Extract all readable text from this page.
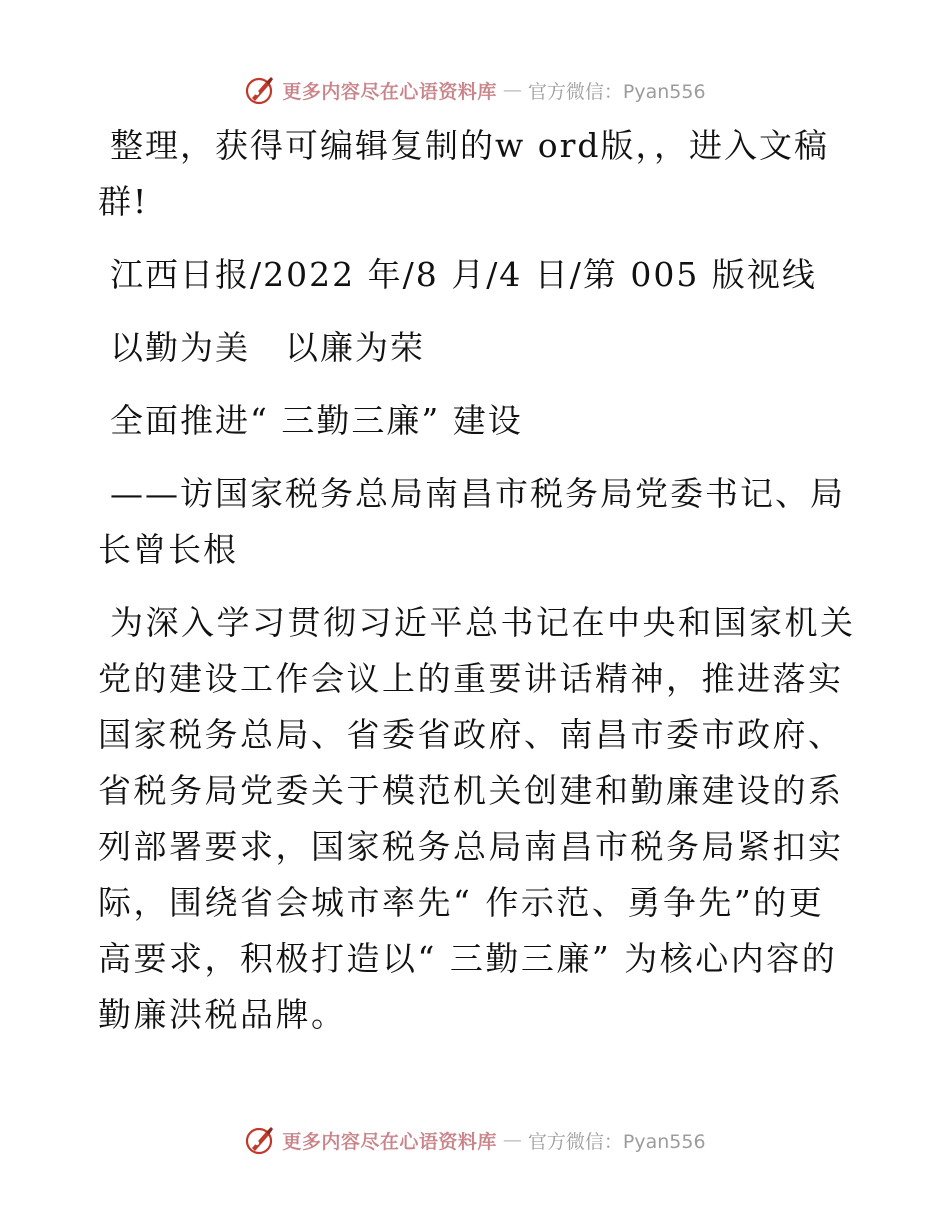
更多内容尽在心语资料库 — 官方微信：Pyan556

整理，获得可编辑复制的w ord版，，进入文稿群!

江西日报/2022 年/8 月/4 日/第 005 版视线

以勤为美　以廉为荣

全面推进“ 三勤三廉” 建设

——访国家税务总局南昌市税务局党委书记、局长曾长根

为深入学习贯彻习近平总书记在中央和国家机关党的建设工作会议上的重要讲话精神，推进落实国家税务总局、省委省政府、南昌市委市政府、省税务局党委关于模范机关创建和勤廉建设的系列部署要求，国家税务总局南昌市税务局紧扣实际，围绕省会城市率先“ 作示范、勇争先”的更高要求，积极打造以“ 三勤三廉” 为核心内容的勤廉洪税品牌。

更多内容尽在心语资料库 — 官方微信：Pyan556
